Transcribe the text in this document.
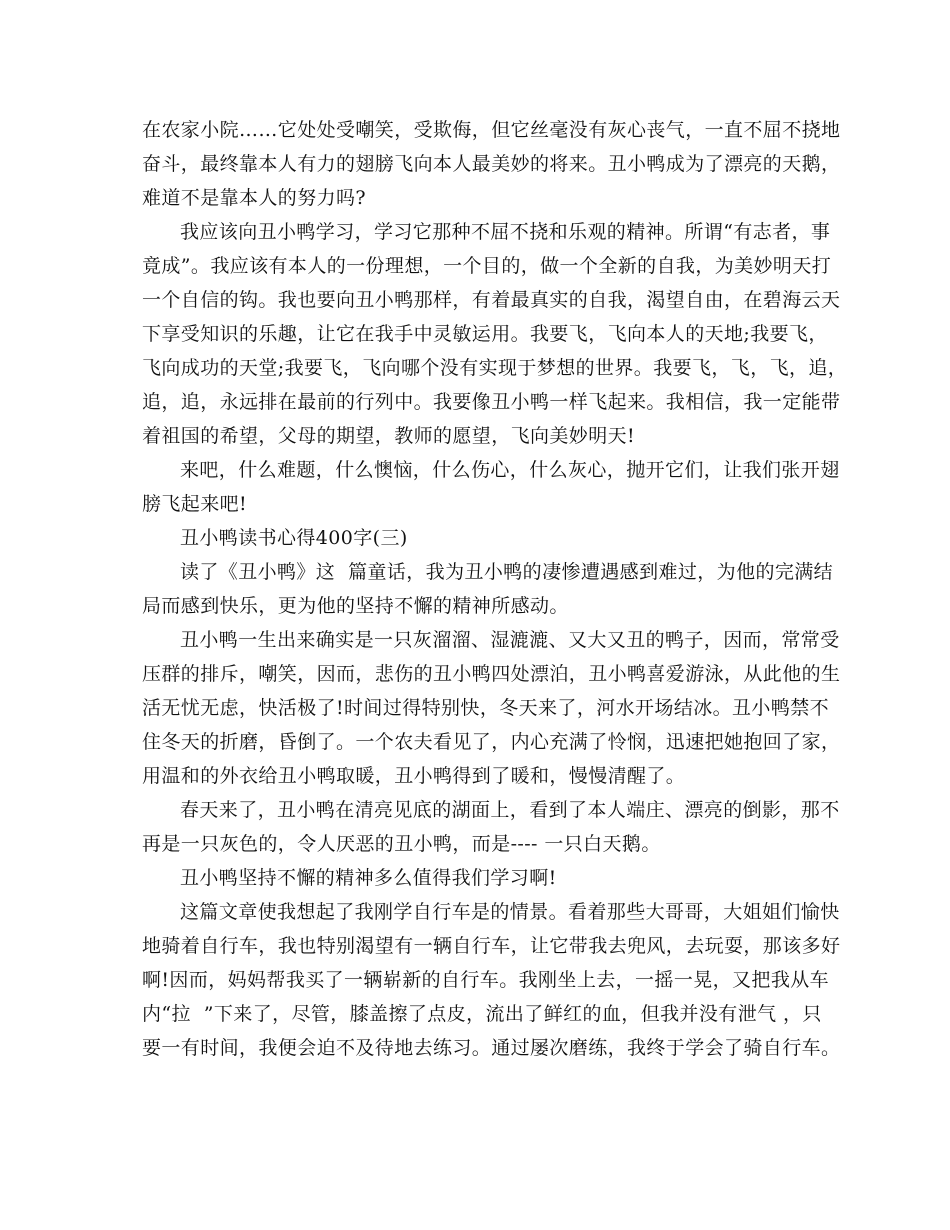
在农家小院……它处处受嘲笑，受欺侮，但它丝毫没有灰心丧气，一直不屈不挠地
奋斗，最终靠本人有力的翅膀飞向本人最美妙的将来。丑小鸭成为了漂亮的天鹅，
难道不是靠本人的努力吗?
我应该向丑小鸭学习，学习它那种不屈不挠和乐观的精神。所谓“有志者，事
竟成”。我应该有本人的一份理想，一个目的，做一个全新的自我，为美妙明天打
一个自信的钩。我也要向丑小鸭那样，有着最真实的自我，渴望自由，在碧海云天
下享受知识的乐趣，让它在我手中灵敏运用。我要飞，飞向本人的天地;我要飞，
飞向成功的天堂;我要飞，飞向哪个没有实现于梦想的世界。我要飞，飞，飞，追，
追，追，永远排在最前的行列中。我要像丑小鸭一样飞起来。我相信，我一定能带
着祖国的希望，父母的期望，教师的愿望，飞向美妙明天!
来吧，什么难题，什么懊恼，什么伤心，什么灰心，抛开它们，让我们张开翅
膀飞起来吧!
丑小鸭读书心得400字(三)
读了《丑小鸭》这  篇童话，我为丑小鸭的凄惨遭遇感到难过，为他的完满结
局而感到快乐，更为他的坚持不懈的精神所感动。
丑小鸭一生出来确实是一只灰溜溜、湿漉漉、又大又丑的鸭子，因而，常常受
压群的排斥，嘲笑，因而，悲伤的丑小鸭四处漂泊，丑小鸭喜爱游泳，从此他的生
活无忧无虑，快活极了!时间过得特别快，冬天来了，河水开场结冰。丑小鸭禁不
住冬天的折磨，昏倒了。一个农夫看见了，内心充满了怜悯，迅速把她抱回了家，
用温和的外衣给丑小鸭取暖，丑小鸭得到了暖和，慢慢清醒了。
春天来了，丑小鸭在清亮见底的湖面上，看到了本人端庄、漂亮的倒影，那不
再是一只灰色的，令人厌恶的丑小鸭，而是---- 一只白天鹅。
丑小鸭坚持不懈的精神多么值得我们学习啊!
这篇文章使我想起了我刚学自行车是的情景。看着那些大哥哥，大姐姐们愉快
地骑着自行车，我也特别渴望有一辆自行车，让它带我去兜风，去玩耍，那该多好
啊!因而，妈妈帮我买了一辆崭新的自行车。我刚坐上去，一摇一晃，又把我从车
内“拉  ”下来了，尽管，膝盖擦了点皮，流出了鲜红的血，但我并没有泄气 ，只
要一有时间，我便会迫不及待地去练习。通过屡次磨练，我终于学会了骑自行车。
